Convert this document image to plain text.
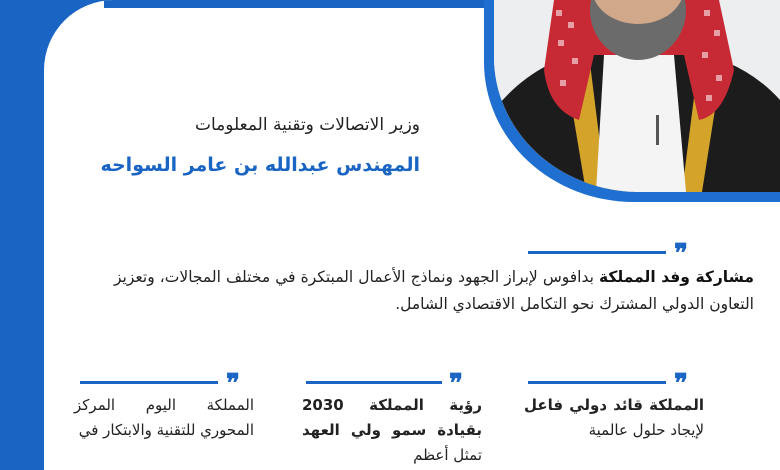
وزير الاتصالات وتقنية المعلومات
المهندس عبدالله بن عامر السواحه
❞
مشاركة وفد المملكة بدافوس لإبراز الجهود ونماذج الأعمال المبتكرة في مختلف المجالات، وتعزيز التعاون الدولي المشترك نحو التكامل الاقتصادي الشامل.
❞
المملكة قائد دولي فاعل لإيجاد حلول عالمية
❞
رؤية المملكة 2030 بقيادة سمو ولي العهد تمثل أعظم
❞
المملكة اليوم المركز المحوري للتقنية والابتكار في
